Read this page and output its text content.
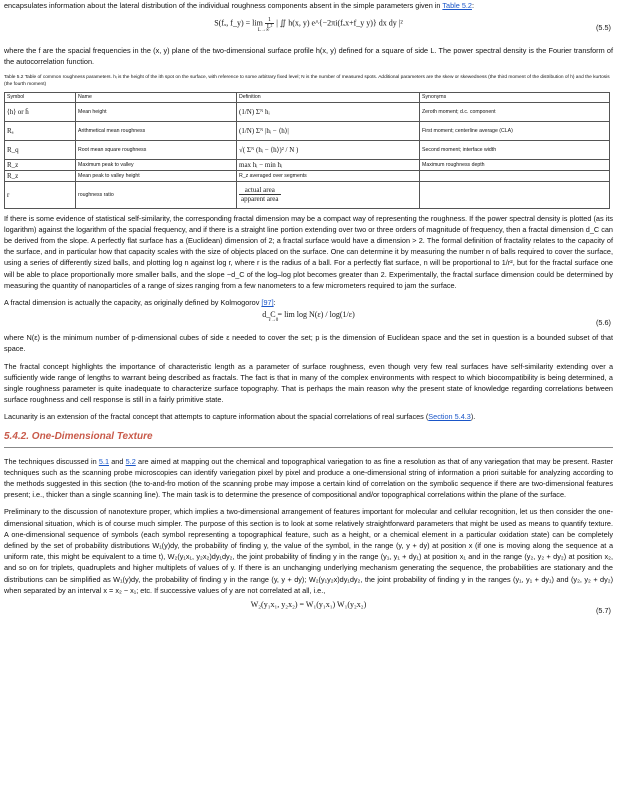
encapsulates information about the lateral distribution of the individual roughness components absent in the simple parameters given in Table 5.2:

S(fₓ, f_y) = $\lim \frac{1}{\text{L²}}$ | ∬ h(x, y) e^{−2πi(fₓx+f_y y)} dx dy |²
L→∞	(5.5)

where the f are the spacial frequencies in the (x, y) plane of the two-dimensional surface profile h(x, y) defined for a square of side L. The power spectral density is the Fourier transform of the autocorrelation function.

Table 5.2 Table of common roughness parameters. hᵢ is the height of the ith spot on the surface, with reference to some arbitrary fixed level; N is the number of measured spots. Additional parameters are the skew or skewedness (the third moment of the distribution of h) and the kurtosis (the fourth moment)
Symbol	Name	Definition	Synonyms
⟨h⟩ or h̄	Mean height	(1/N) Σᴺ hᵢ	Zeroth moment; d.c. component
Rₐ	Arithmetical mean roughness	(1/N) Σᴺ |hᵢ − ⟨h⟩|	First moment; centerline average (CLA)
R_q	Root mean square roughness	√( Σᴺ (hᵢ − ⟨h⟩)² / N )	Second moment; interface width
R_z	Maximum peak to valley	max hᵢ − min hᵢ	Maximum roughness depth
R_z	Mean peak to valley height	R_z averaged over segments	
r	roughness ratio	$\frac{\text{actual area}}{\text{apparent area}}$

If there is some evidence of statistical self-similarity, the corresponding fractal dimension may be a compact way of representing the roughness. If the power spectral density is plotted (as its logarithm) against the logarithm of the spacial frequency, and if there is a straight line portion extending over two or three orders of magnitude of frequency, then a fractal dimension d_C can be derived from the slope. A perfectly flat surface has a (Euclidean) dimension of 2; a fractal surface would have a dimension > 2. The formal definition of fractality relates to the capacity of the surface, and in particular how that capacity scales with the size of objects placed on the surface. One can determine it by measuring the number n of balls required to cover the surface, using a series of differently sized balls, and plotting log n against log r, where r is the radius of a ball. For a perfectly flat surface, n will be proportional to 1/r², but for the fractal surface one will be able to place proportionally more smaller balls, and the slope −d_C of the log–log plot becomes greater than 2. Experimentally, the fractal surface dimension could be determined by measuring the quantity of nanoparticles of a range of sizes ranging from a few nanometers to a few micrometers required to jam the surface.

A fractal dimension is actually the capacity, as originally defined by Kolmogorov [97]:

d_C = lim log N(ε) / log(1/ε)
ε→0	(5.6)

where N(ε) is the minimum number of p-dimensional cubes of side ε needed to cover the set; p is the dimension of Euclidean space and the set in question is a bounded subset of that space.

The fractal concept highlights the importance of characteristic length as a parameter of surface roughness, even though very few real surfaces have self-similarity extending over a sufficiently wide range of lengths to warrant being described as fractals. The fact is that in many of the complex environments with respect to which biocompatibility is being determined, a single roughness parameter is quite inadequate to characterize surface topography. That is perhaps the main reason why the present state of knowledge regarding correlations between surface roughness and cell response is still in a fairly primitive state.

Lacunarity is an extension of the fractal concept that attempts to capture information about the spacial correlations of real surfaces (Section 5.4.3).

5.4.2. One-Dimensional Texture

The techniques discussed in 5.1 and 5.2 are aimed at mapping out the chemical and topographical variegation to as fine a resolution as that of any variegation that may be present. Raster techniques such as the scanning probe microscopies can identify variegation pixel by pixel and produce a one-dimensional string of information a priori suitable for analyzing according to the methods suggested in this section (the to-and-fro motion of the scanning probe may impose a certain kind of correlation on the symbolic sequence if there are two-dimensional features present; i.e., thicker than a single scanning line). The main task is to determine the presence of compositional and/or topographical correlations within the plane of the surface.

Preliminary to the discussion of nanotexture proper, which implies a two-dimensional arrangement of features important for molecular and cellular recognition, let us then consider the one-dimensional situation, which is of course much simpler. The purpose of this section is to look at some relatively straightforward parameters that might be used as means to quantify texture. A one-dimensional sequence of symbols (each symbol representing a topographical feature, such as a height, or a chemical element in a particular oxidation state) can be completely defined by the set of probability distributions W₁(y)dy, the probability of finding y, the value of the symbol, in the range (y, y + dy) at position x (if one is moving along the sequence at a uniform rate, this might be equivalent to a time t), W₂(y₁x₁, y₂x₂)dy₁dy₂, the joint probability of finding y in the range (y₁, y₁ + dy₁) at position x₁ and in the range (y₂, y₂ + dy₂) at position x₂, and so on for triplets, quadruplets and higher multiplets of values of y. If there is an unchanging underlying mechanism generating the sequence, the probabilities are stationary and the distributions can be simplified as W₁(y)dy, the probability of finding y in the range (y, y + dy); W₂(y₁y₂x)dy₁dy₂, the joint probability of finding y in the ranges (y₁, y₁ + dy₁) and (y₂, y₂ + dy₂) when separated by an interval x = x₂ − x₁; etc. If successive values of y are not correlated at all, i.e.,

W₂(y₁x₁, y₂x₂) = W₁(y₁x₁) W₁(y₂x₂)
(5.7)
